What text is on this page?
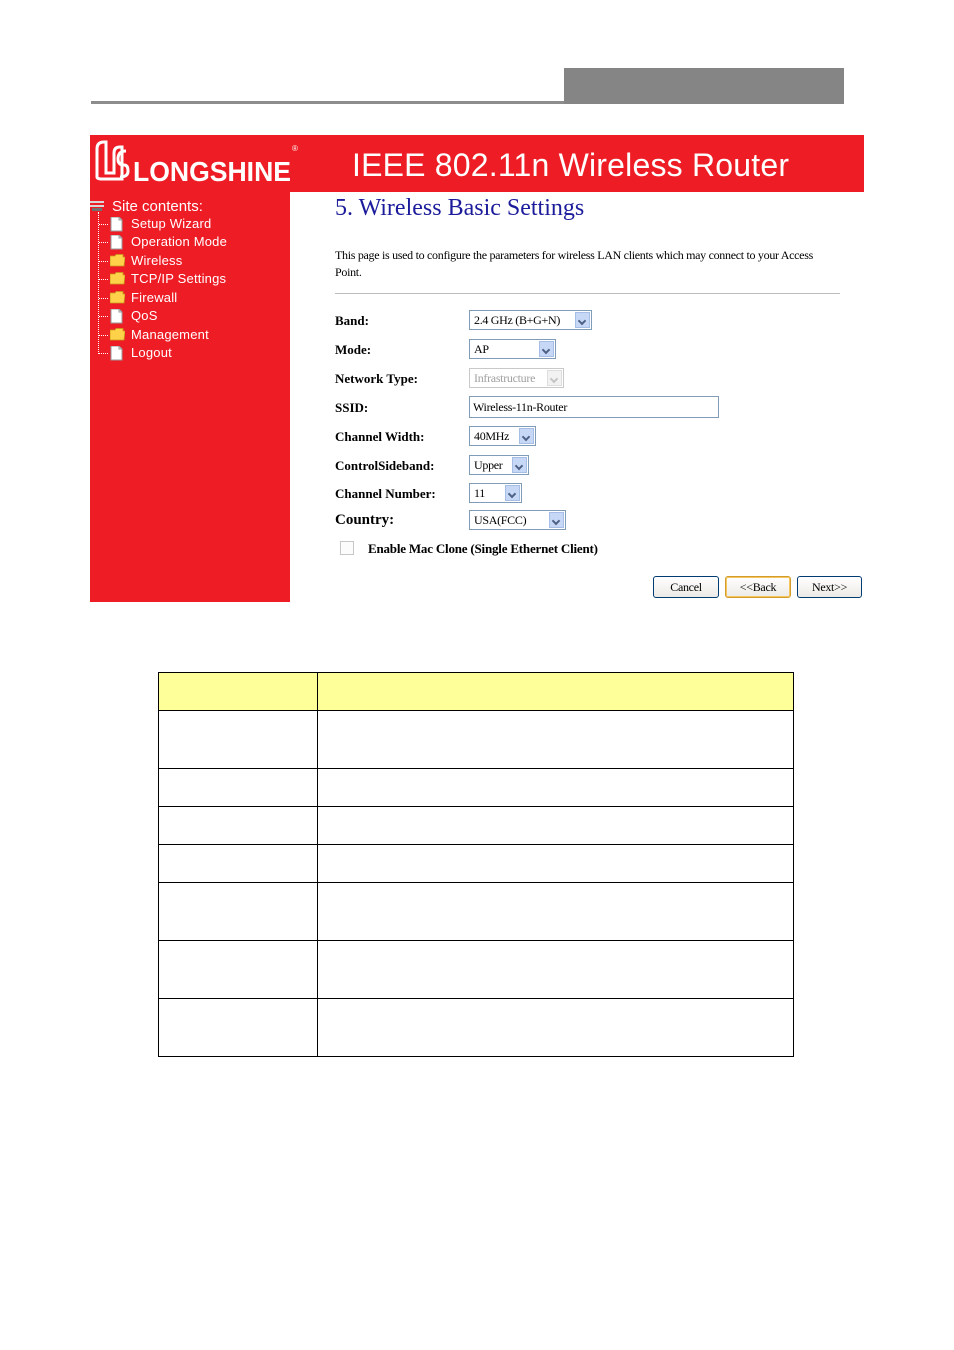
LONGSHINE
® IEEE 802.11n Wireless Router
Site contents:
Setup Wizard
Operation Mode
Wireless
TCP/IP Settings
Firewall
QoS
Management
Logout
5. Wireless Basic Settings
This page is used to configure the parameters for wireless LAN clients which may connect to your Access Point.
Band:	2.4 GHz (B+G+N)
Mode:	AP
Network Type:	Infrastructure
SSID:
Wireless-11n-Router
Channel Width:	40MHz
ControlSideband:	Upper
Channel Number:	11
Country:	USA(FCC)
Enable Mac Clone (Single Ethernet Client)
Cancel	<<Back	Next>>
